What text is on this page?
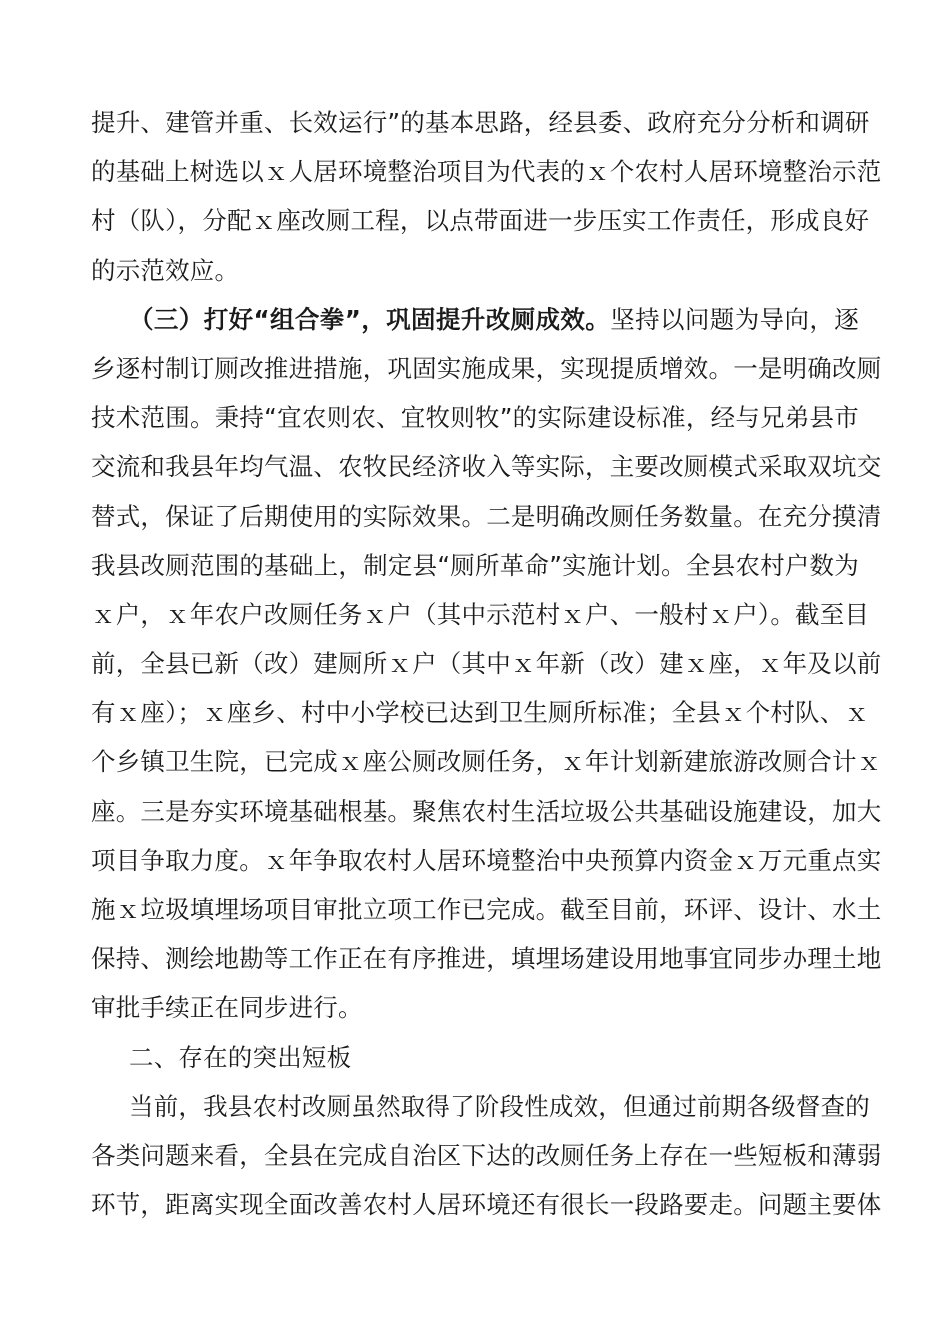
提升、建管并重、长效运行”的基本思路，经县委、政府充分分析和调研
的基础上树选以ｘ人居环境整治项目为代表的ｘ个农村人居环境整治示范
村（队），分配ｘ座改厕工程，以点带面进一步压实工作责任，形成良好
的示范效应。
（三）打好“组合拳”，巩固提升改厕成效。坚持以问题为导向，逐
乡逐村制订厕改推进措施，巩固实施成果，实现提质增效。一是明确改厕
技术范围。秉持“宜农则农、宜牧则牧”的实际建设标准，经与兄弟县市
交流和我县年均气温、农牧民经济收入等实际，主要改厕模式采取双坑交
替式，保证了后期使用的实际效果。二是明确改厕任务数量。在充分摸清
我县改厕范围的基础上，制定县“厕所革命”实施计划。全县农村户数为
ｘ户，ｘ年农户改厕任务ｘ户（其中示范村ｘ户、一般村ｘ户）。截至目
前，全县已新（改）建厕所ｘ户（其中ｘ年新（改）建ｘ座，ｘ年及以前
有ｘ座）；ｘ座乡、村中小学校已达到卫生厕所标准；全县ｘ个村队、ｘ
个乡镇卫生院，已完成ｘ座公厕改厕任务，ｘ年计划新建旅游改厕合计ｘ
座。三是夯实环境基础根基。聚焦农村生活垃圾公共基础设施建设，加大
项目争取力度。ｘ年争取农村人居环境整治中央预算内资金ｘ万元重点实
施ｘ垃圾填埋场项目审批立项工作已完成。截至目前，环评、设计、水土
保持、测绘地勘等工作正在有序推进，填埋场建设用地事宜同步办理土地
审批手续正在同步进行。
二、存在的突出短板
当前，我县农村改厕虽然取得了阶段性成效，但通过前期各级督查的
各类问题来看，全县在完成自治区下达的改厕任务上存在一些短板和薄弱
环节，距离实现全面改善农村人居环境还有很长一段路要走。问题主要体
